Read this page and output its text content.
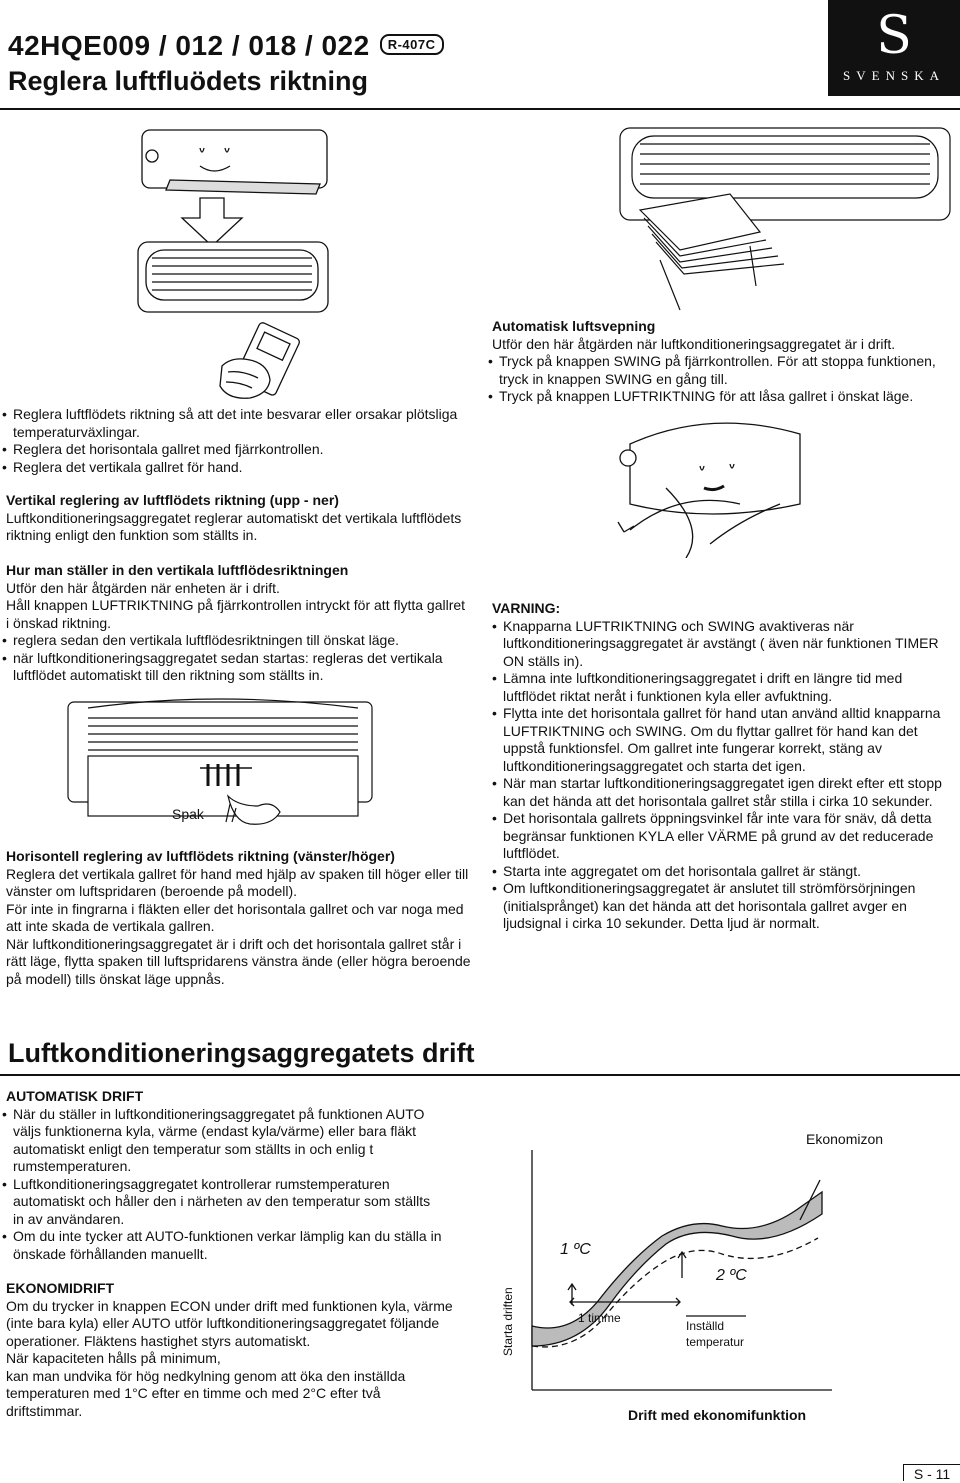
42HQE009 / 012 / 018 / 022 R-407C
Reglera luftfluödets riktning
S
SVENSKA
• Reglera luftflödets riktning så att det inte besvarar eller orsakar plötsliga temperaturväxlingar.
• Reglera det horisontala gallret med fjärrkontrollen.
• Reglera det vertikala gallret för hand.
Vertikal reglering av luftflödets riktning (upp - ner)
Luftkonditioneringsaggregatet reglerar automatiskt det vertikala luftflödets riktning enligt den funktion som ställts in.
Hur man ställer in den vertikala luftflödesriktningen
Utför den här åtgärden när enheten är i drift.
Håll knappen LUFTRIKTNING på fjärrkontrollen intryckt för att flytta gallret i önskad riktning.
• reglera sedan den vertikala luftflödesriktningen till önskat läge.
• när luftkonditioneringsaggregatet sedan startas: regleras det vertikala luftflödet automatiskt till den riktning som ställts in.
Spak
Horisontell reglering av luftflödets riktning (vänster/höger)
Reglera det vertikala gallret för hand med hjälp av spaken till höger eller till vänster om luftspridaren (beroende på modell).
För inte in fingrarna i fläkten eller det horisontala gallret och var noga med att inte skada de vertikala gallren.
När luftkonditioneringsaggregatet är i drift och det horisontala gallret står i rätt läge, flytta spaken till luftspridarens vänstra ände (eller högra beroende på modell) tills önskat läge uppnås.
Automatisk luftsvepning
Utför den här åtgärden när luftkonditioneringsaggregatet är i drift.
• Tryck på knappen SWING på fjärrkontrollen. För att stoppa funktionen, tryck in knappen SWING en gång till.
• Tryck på knappen LUFTRIKTNING för att låsa gallret i önskat läge.
VARNING:
• Knapparna LUFTRIKTNING och SWING avaktiveras när luftkonditioneringsaggregatet är avstängt ( även när funktionen TIMER ON ställs in).
• Lämna inte luftkonditioneringsaggregatet i drift en längre tid med luftflödet riktat neråt i funktionen kyla eller avfuktning.
• Flytta inte det horisontala gallret för hand utan använd alltid knapparna LUFTRIKTNING och SWING. Om du flyttar gallret för hand kan det uppstå funktionsfel. Om gallret inte fungerar korrekt, stäng av luftkonditioneringsaggregatet och starta det igen.
• När man startar luftkonditioneringsaggregatet igen direkt efter ett stopp kan det hända att det horisontala gallret står stilla i cirka 10 sekunder.
• Det horisontala gallrets öppningsvinkel får inte vara för snäv, då detta begränsar funktionen KYLA eller VÄRME på grund av det reducerade luftflödet.
• Starta inte aggregatet om det horisontala gallret är stängt.
• Om luftkonditioneringsaggregatet är anslutet till strömförsörjningen (initialsprånget) kan det hända att det horisontala gallret avger en ljudsignal i cirka 10 sekunder. Detta ljud är normalt.
Luftkonditioneringsaggregatets drift
AUTOMATISK DRIFT
• När du ställer in luftkonditioneringsaggregatet på funktionen AUTO väljs funktionerna kyla, värme (endast kyla/värme) eller bara fläkt automatiskt enligt den temperatur som ställts in och enlig t rumstemperaturen.
• Luftkonditioneringsaggregatet kontrollerar rumstemperaturen automatiskt och håller den i närheten av den temperatur som ställts in av användaren.
• Om du inte tycker att AUTO-funktionen verkar lämplig kan du ställa in önskade förhållanden manuellt.
EKONOMIDRIFT
Om du trycker in knappen ECON under drift med funktionen kyla, värme (inte bara kyla) eller AUTO utför luftkonditioneringsaggregatet följande operationer. Fläktens hastighet styrs automatiskt.
När kapaciteten hålls på minimum,
kan man undvika för hög nedkylning genom att öka den inställda temperaturen med 1°C efter en timme och med 2°C efter två driftstimmar.
Ekonomizon
1 ºC
2 ºC
1 timme
Inställd
temperatur
Starta driften
Drift med ekonomifunktion
S - 11
